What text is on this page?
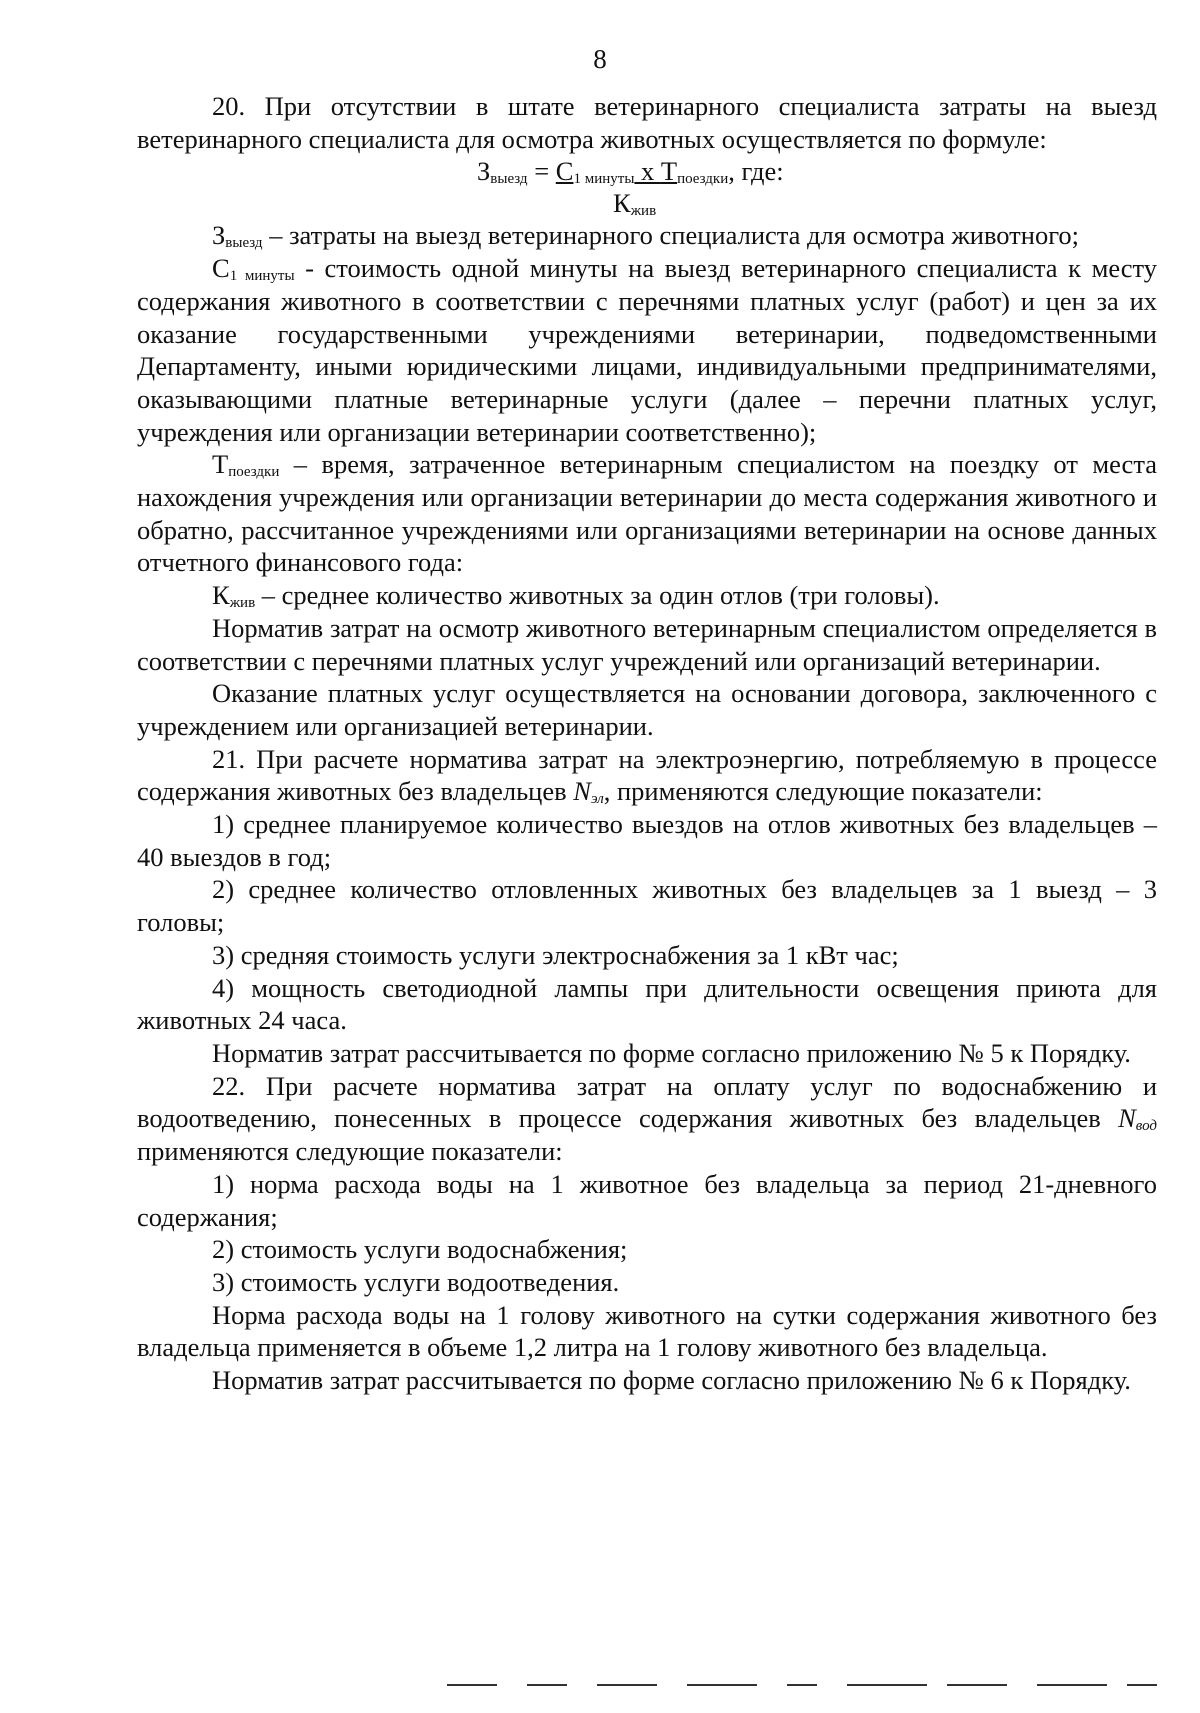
8

20. При отсутствии в штате ветеринарного специалиста затраты на выезд ветеринарного специалиста для осмотра животных осуществляется по формуле:

$З_{выезд} = С_{1 минуты}$ х $Т_{поездки}$, где:
$К_{жив}$

$З_{выезд}$ – затраты на выезд ветеринарного специалиста для осмотра животного;

$С_{1 минуты}$ - стоимость одной минуты на выезд ветеринарного специалиста к месту содержания животного в соответствии с перечнями платных услуг (работ) и цен за их оказание государственными учреждениями ветеринарии, подведомственными Департаменту, иными юридическими лицами, индивидуальными предпринимателями, оказывающими платные ветеринарные услуги (далее – перечни платных услуг, учреждения или организации ветеринарии соответственно);

$Т_{поездки}$ – время, затраченное ветеринарным специалистом на поездку от места нахождения учреждения или организации ветеринарии до места содержания животного и обратно, рассчитанное учреждениями или организациями ветеринарии на основе данных отчетного финансового года:

$К_{жив}$ – среднее количество животных за один отлов (три головы).

Норматив затрат на осмотр животного ветеринарным специалистом определяется в соответствии с перечнями платных услуг учреждений или организаций ветеринарии.

Оказание платных услуг осуществляется на основании договора, заключенного с учреждением или организацией ветеринарии.

21. При расчете норматива затрат на электроэнергию, потребляемую в процессе содержания животных без владельцев $N_{эл}$, применяются следующие показатели:

1) среднее планируемое количество выездов на отлов животных без владельцев – 40 выездов в год;

2) среднее количество отловленных животных без владельцев за 1 выезд – 3 головы;

3) средняя стоимость услуги электроснабжения за 1 кВт час;

4) мощность светодиодной лампы при длительности освещения приюта для животных 24 часа.

Норматив затрат рассчитывается по форме согласно приложению № 5 к Порядку.

22. При расчете норматива затрат на оплату услуг по водоснабжению и водоотведению, понесенных в процессе содержания животных без владельцев $N_{вод}$ применяются следующие показатели:

1) норма расхода воды на 1 животное без владельца за период 21-дневного содержания;

2) стоимость услуги водоснабжения;

3) стоимость услуги водоотведения.

Норма расхода воды на 1 голову животного на сутки содержания животного без владельца применяется в объеме 1,2 литра на 1 голову животного без владельца.

Норматив затрат рассчитывается по форме согласно приложению № 6 к Порядку.
